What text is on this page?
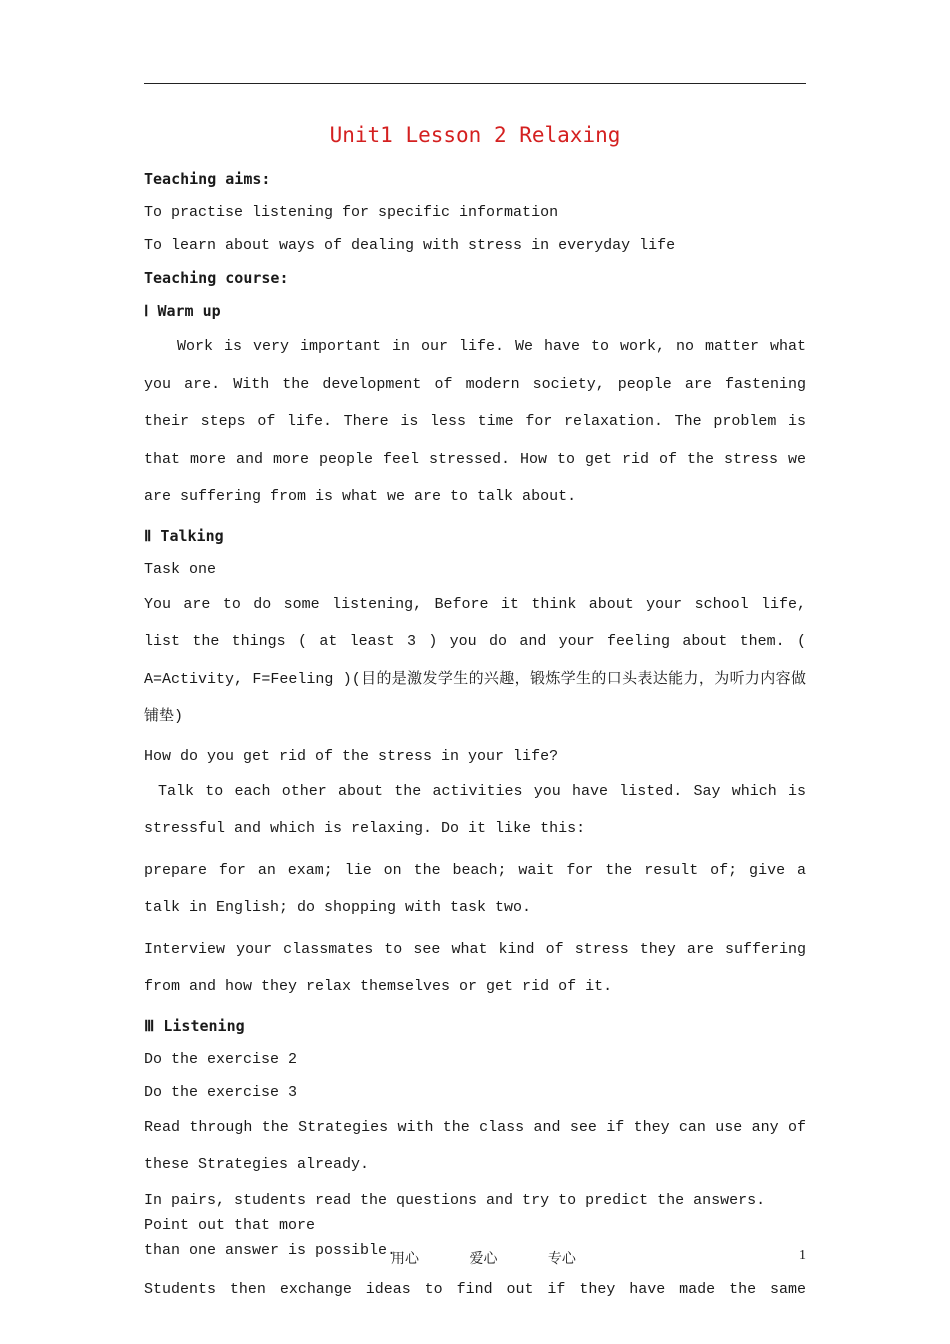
Unit1 Lesson 2 Relaxing
Teaching aims:
To practise listening for specific information
To learn about ways of dealing with stress in everyday life
Teaching course:
Ⅰ Warm up
Work is very important in our life. We have to work, no matter what you are. With the development of modern society, people are fastening their steps of life. There is less time for relaxation. The problem is that more and more people feel stressed. How to get rid of the stress we are suffering from is what we are to talk about.
Ⅱ Talking
Task one
You are to do some listening, Before it think about your school life, list the things ( at least 3 ) you do and your feeling about them. ( A=Activity, F=Feeling )(目的是激发学生的兴趣，锻炼学生的口头表达能力，为听力内容做铺垫)
How do you get rid of the stress in your life?
Talk to each other about the activities you have listed. Say which is stressful and which is relaxing. Do it like this:
prepare for an exam; lie on the beach; wait for the result of; give a talk in English; do shopping with task two.
Interview your classmates to see what kind of stress they are suffering from and how they relax themselves or get rid of it.
Ⅲ Listening
Do the exercise 2
Do the exercise 3
Read through the Strategies with the class and see if they can use any of these Strategies already.

In pairs, students read the questions and try to predict the answers. Point out that more

than one answer is possible.

Students then exchange ideas to find out if they have made the same
用心	爱心	专心	1
